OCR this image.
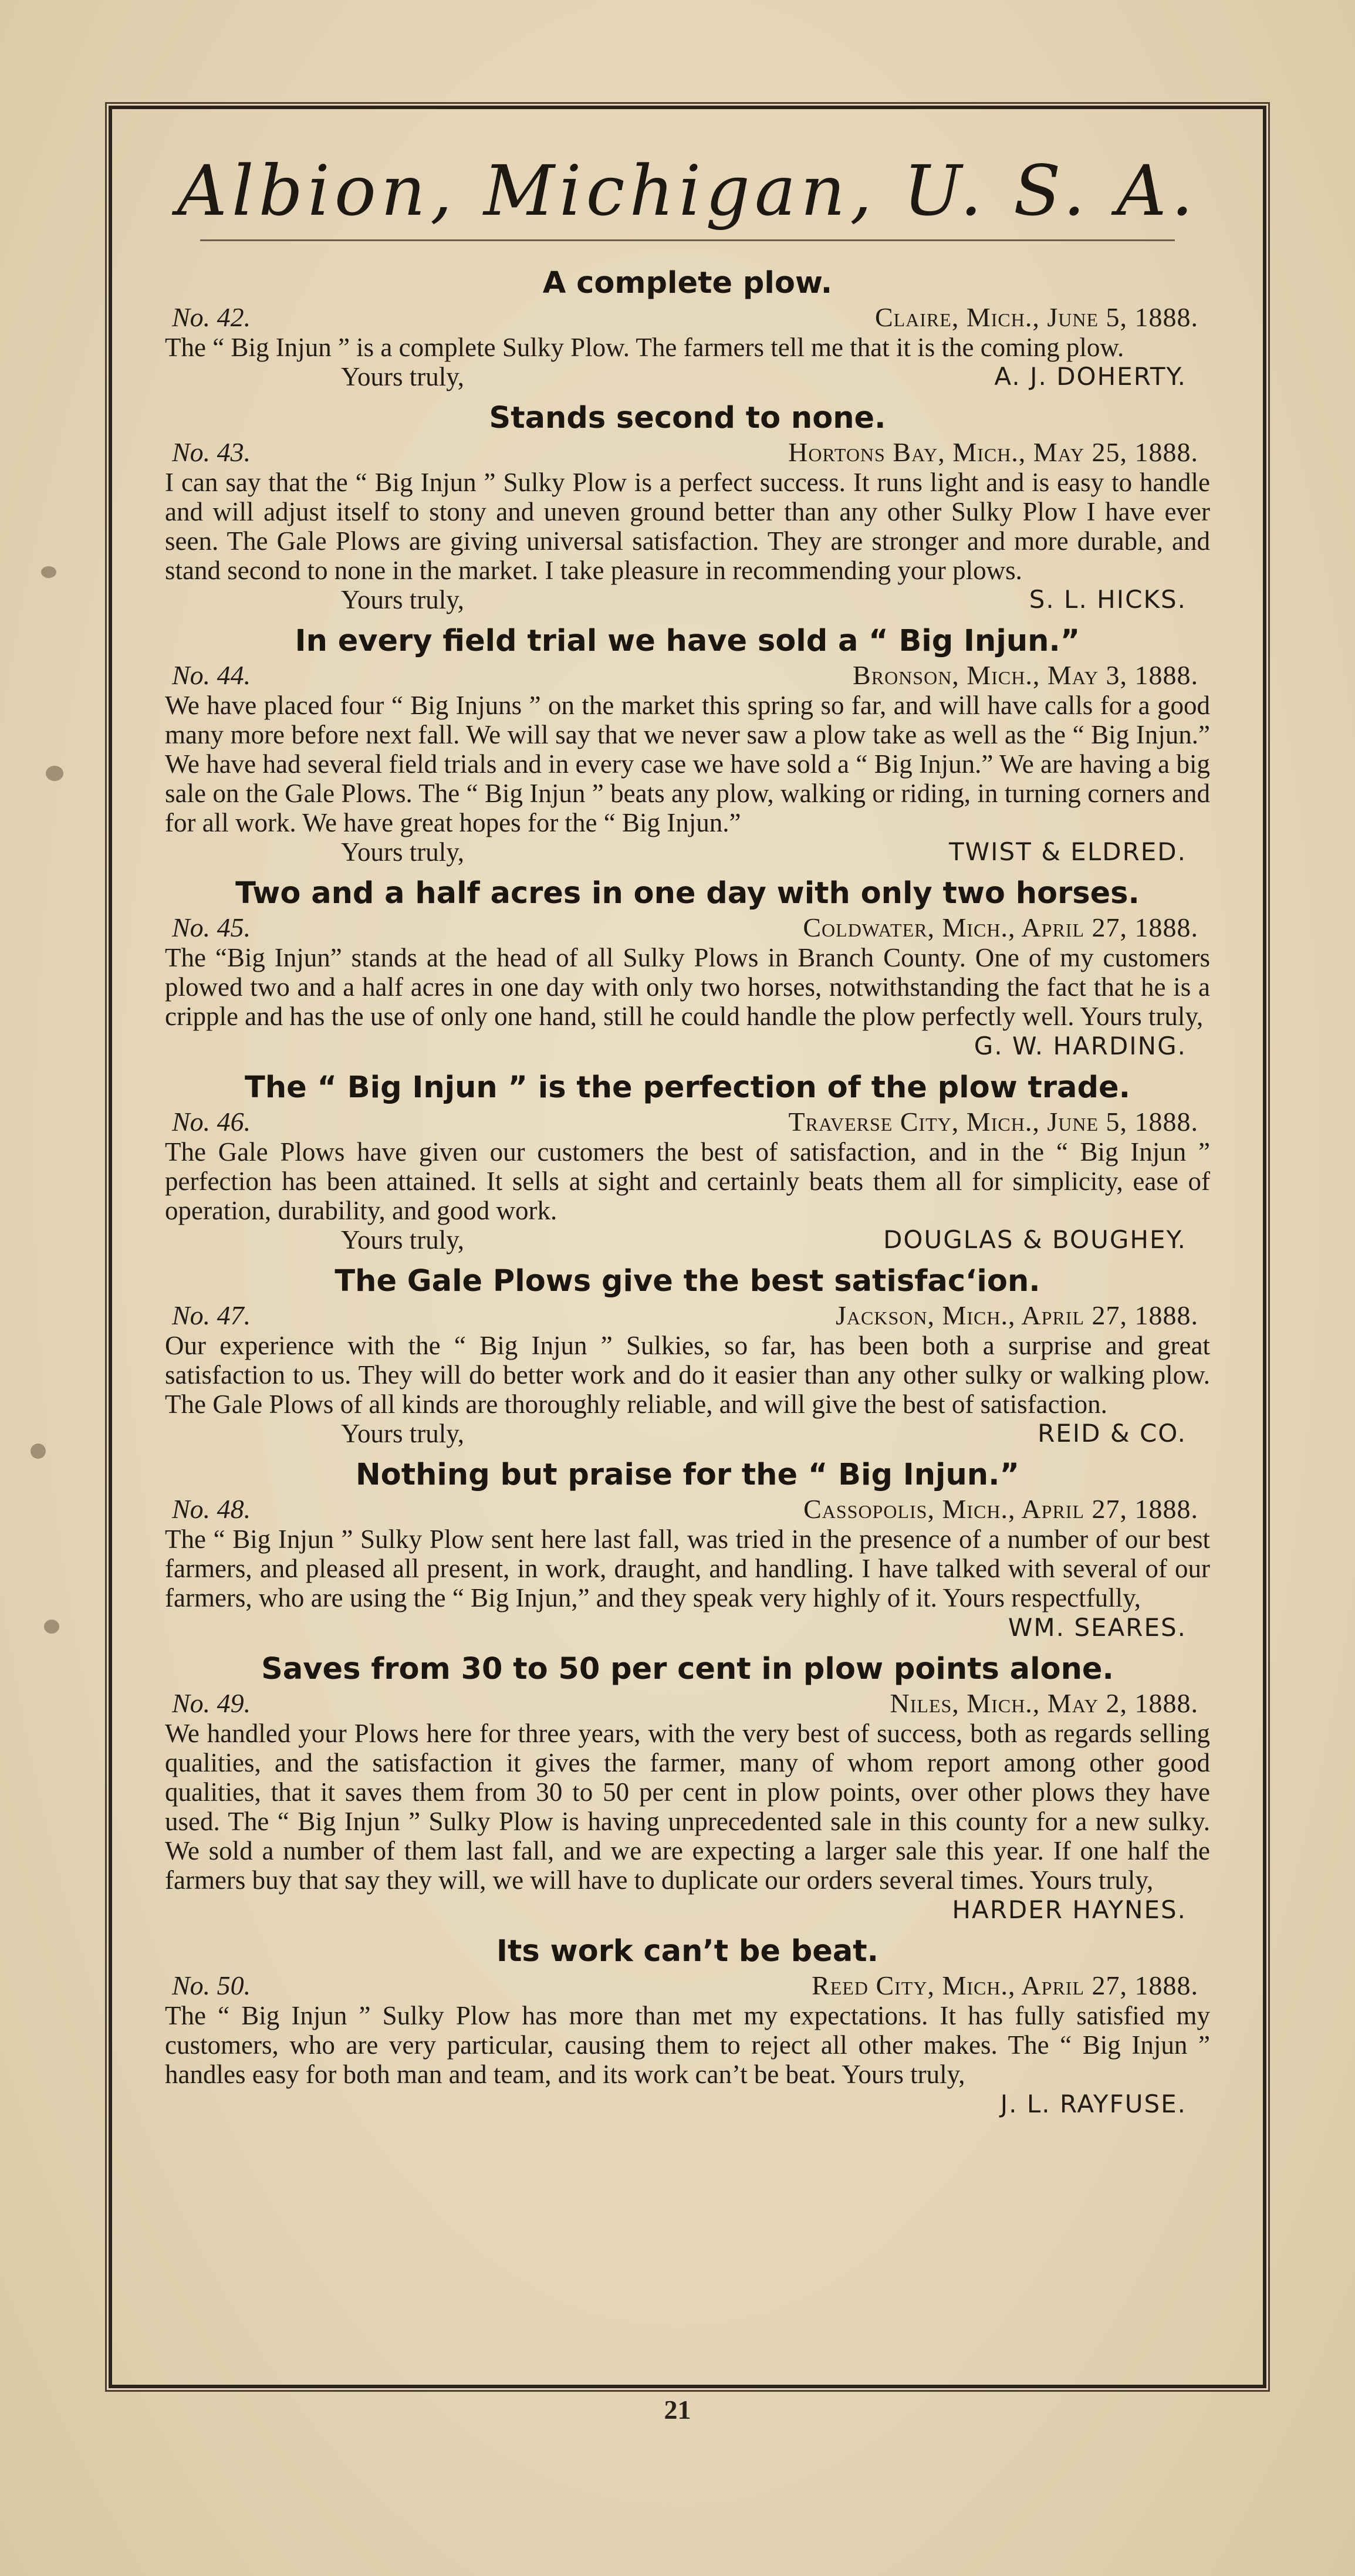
Albion, Michigan, U. S. A.

A complete plow.

No. 42.	Claire, Mich., June 5, 1888.

The “ Big Injun ” is a complete Sulky Plow. The farmers tell me that it is the coming plow.

Yours truly,	A. J. DOHERTY.

Stands second to none.

No. 43.	Hortons Bay, Mich., May 25, 1888.

I can say that the “ Big Injun ” Sulky Plow is a perfect success. It runs light and is easy to handle and will adjust itself to stony and uneven ground better than any other Sulky Plow I have ever seen. The Gale Plows are giving universal satisfaction. They are stronger and more durable, and stand second to none in the market. I take pleasure in recommending your plows.

Yours truly,	S. L. HICKS.

In every field trial we have sold a “ Big Injun.”

No. 44.	Bronson, Mich., May 3, 1888.

We have placed four “ Big Injuns ” on the market this spring so far, and will have calls for a good many more before next fall. We will say that we never saw a plow take as well as the “ Big Injun.” We have had several field trials and in every case we have sold a “ Big Injun.” We are having a big sale on the Gale Plows. The “ Big Injun ” beats any plow, walking or riding, in turning corners and for all work. We have great hopes for the “ Big Injun.”

Yours truly,	TWIST & ELDRED.

Two and a half acres in one day with only two horses.

No. 45.	Coldwater, Mich., April 27, 1888.

The “Big Injun” stands at the head of all Sulky Plows in Branch County. One of my customers plowed two and a half acres in one day with only two horses, notwithstanding the fact that he is a cripple and has the use of only one hand, still he could handle the plow perfectly well. Yours truly,

G. W. HARDING.

The “ Big Injun ” is the perfection of the plow trade.

No. 46.	Traverse City, Mich., June 5, 1888.

The Gale Plows have given our customers the best of satisfaction, and in the “ Big Injun ” perfection has been attained. It sells at sight and certainly beats them all for simplicity, ease of operation, durability, and good work.

Yours truly,	DOUGLAS & BOUGHEY.

The Gale Plows give the best satisfac‘ion.

No. 47.	Jackson, Mich., April 27, 1888.

Our experience with the “ Big Injun ” Sulkies, so far, has been both a surprise and great satisfaction to us. They will do better work and do it easier than any other sulky or walking plow. The Gale Plows of all kinds are thoroughly reliable, and will give the best of satisfaction.

Yours truly,	REID & CO.

Nothing but praise for the “ Big Injun.”

No. 48.	Cassopolis, Mich., April 27, 1888.

The “ Big Injun ” Sulky Plow sent here last fall, was tried in the presence of a number of our best farmers, and pleased all present, in work, draught, and handling. I have talked with several of our farmers, who are using the “ Big Injun,” and they speak very highly of it. Yours respectfully,

WM. SEARES.

Saves from 30 to 50 per cent in plow points alone.

No. 49.	Niles, Mich., May 2, 1888.

We handled your Plows here for three years, with the very best of success, both as regards selling qualities, and the satisfaction it gives the farmer, many of whom report among other good qualities, that it saves them from 30 to 50 per cent in plow points, over other plows they have used. The “ Big Injun ” Sulky Plow is having unprecedented sale in this county for a new sulky. We sold a number of them last fall, and we are expecting a larger sale this year. If one half the farmers buy that say they will, we will have to duplicate our orders several times. Yours truly,

HARDER HAYNES.

Its work can’t be beat.

No. 50.	Reed City, Mich., April 27, 1888.

The “ Big Injun ” Sulky Plow has more than met my expectations. It has fully satisfied my customers, who are very particular, causing them to reject all other makes. The “ Big Injun ” handles easy for both man and team, and its work can’t be beat. Yours truly,

J. L. RAYFUSE.
21
